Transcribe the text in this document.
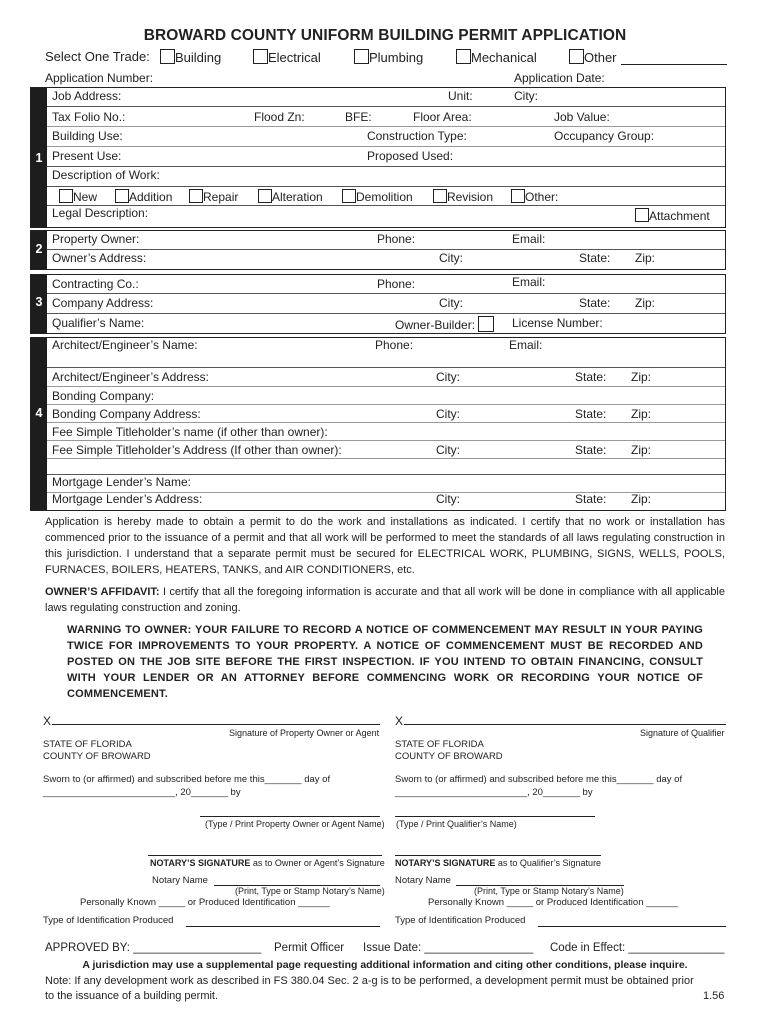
BROWARD COUNTY UNIFORM BUILDING PERMIT APPLICATION
Select One Trade:	Building	Electrical	Plumbing	Mechanical	Other
Application Number:	Application Date:
1
Job Address:	Unit:	City:
Tax Folio No.:	Flood Zn:	BFE:	Floor Area:	Job Value:
Building Use:	Construction Type:	Occupancy Group:
Present Use:	Proposed Used:
Description of Work:
New	Addition	Repair	Alteration	Demolition	Revision	Other:
Legal Description:	Attachment
2
Property Owner:	Phone:	Email:
Owner’s Address:	City:	State: Zip:
3
Contracting Co.:	Phone:	Email:
Company Address:	City:	State: Zip:
Qualifier’s Name:	Owner-Builder:	License Number:
4
Architect/Engineer’s Name:	Phone:	Email:
Architect/Engineer’s Address:	City:	State: Zip:
Bonding Company:
Bonding Company Address:	City:	State: Zip:
Fee Simple Titleholder’s name (if other than owner):
Fee Simple Titleholder’s Address (If other than owner):	City:	State: Zip:
Mortgage Lender’s Name:
Mortgage Lender’s Address:	City:	State: Zip:
Application is hereby made to obtain a permit to do the work and installations as indicated. I certify that no work or installation has commenced prior to the issuance of a permit and that all work will be performed to meet the standards of all laws regulating construction in this jurisdiction. I understand that a separate permit must be secured for ELECTRICAL WORK, PLUMBING, SIGNS, WELLS, POOLS, FURNACES, BOILERS, HEATERS, TANKS, and AIR CONDITIONERS, etc.
OWNER’S AFFIDAVIT: I certify that all the foregoing information is accurate and that all work will be done in compliance with all applicable laws regulating construction and zoning.
WARNING TO OWNER: YOUR FAILURE TO RECORD A NOTICE OF COMMENCEMENT MAY RESULT IN YOUR PAYING TWICE FOR IMPROVEMENTS TO YOUR PROPERTY. A NOTICE OF COMMENCEMENT MUST BE RECORDED AND POSTED ON THE JOB SITE BEFORE THE FIRST INSPECTION. IF YOU INTEND TO OBTAIN FINANCING, CONSULT WITH YOUR LENDER OR AN ATTORNEY BEFORE COMMENCING WORK OR RECORDING YOUR NOTICE OF COMMENCEMENT.
X
Signature of Property Owner or Agent
STATE OF FLORIDA
COUNTY OF BROWARD
Sworn to (or affirmed) and subscribed before me this_______ day of
_________________________, 20_______ by
(Type / Print Property Owner or Agent Name)
NOTARY’S SIGNATURE as to Owner or Agent’s Signature
Notary Name
(Print, Type or Stamp Notary’s Name)
Personally Known _____ or Produced Identification ______
Type of Identification Produced
X
Signature of Qualifier
STATE OF FLORIDA
COUNTY OF BROWARD
Sworn to (or affirmed) and subscribed before me this_______ day of
_________________________, 20_______ by
(Type / Print Qualifier’s Name)
NOTARY’S SIGNATURE as to Qualifier’s Signature
Notary Name
(Print, Type or Stamp Notary’s Name)
Personally Known _____ or Produced Identification ______
Type of Identification Produced
APPROVED BY: ____________________ Permit Officer Issue Date: _________________ Code in Effect: _______________
A jurisdiction may use a supplemental page requesting additional information and citing other conditions, please inquire.
Note: If any development work as described in FS 380.04 Sec. 2 a-g is to be performed, a development permit must be obtained prior
to the issuance of a building permit.	1.56
